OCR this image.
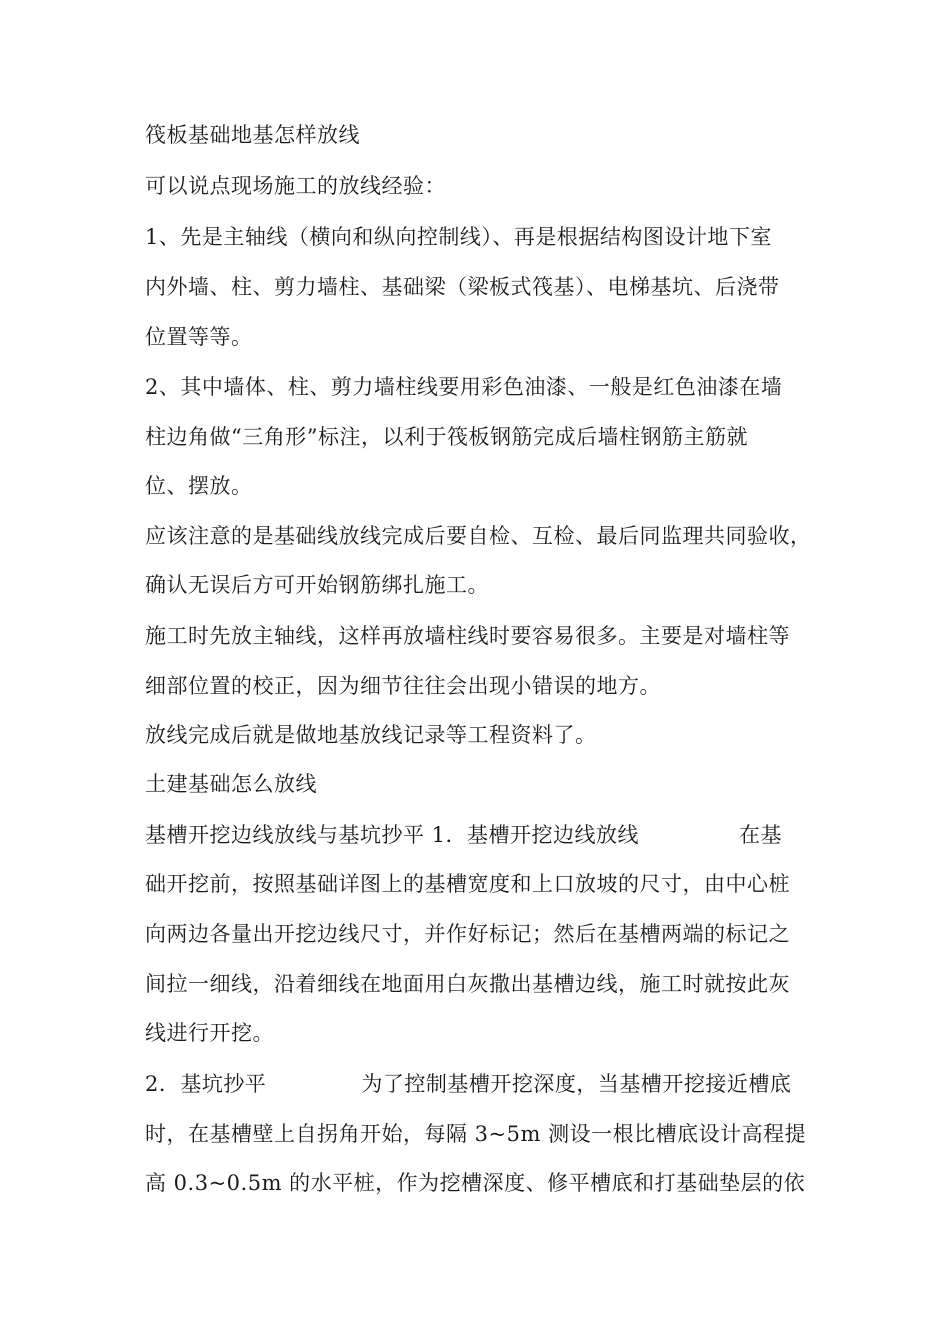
筏板基础地基怎样放线
可以说点现场施工的放线经验：
1、先是主轴线（横向和纵向控制线）、再是根据结构图设计地下室
内外墙、柱、剪力墙柱、基础梁（梁板式筏基）、电梯基坑、后浇带
位置等等。
2、其中墙体、柱、剪力墙柱线要用彩色油漆、一般是红色油漆在墙
柱边角做“三角形”标注，以利于筏板钢筋完成后墙柱钢筋主筋就
位、摆放。
应该注意的是基础线放线完成后要自检、互检、最后同监理共同验收，
确认无误后方可开始钢筋绑扎施工。
施工时先放主轴线，这样再放墙柱线时要容易很多。主要是对墙柱等
细部位置的校正，因为细节往往会出现小错误的地方。
放线完成后就是做地基放线记录等工程资料了。
土建基础怎么放线
基槽开挖边线放线与基坑抄平 1．基槽开挖边线放线	在基
础开挖前，按照基础详图上的基槽宽度和上口放坡的尺寸，由中心桩
向两边各量出开挖边线尺寸，并作好标记；然后在基槽两端的标记之
间拉一细线，沿着细线在地面用白灰撒出基槽边线，施工时就按此灰
线进行开挖。
2．基坑抄平	为了控制基槽开挖深度，当基槽开挖接近槽底
时，在基槽壁上自拐角开始，每隔 3~5m 测设一根比槽底设计高程提
高 0.3~0.5m 的水平桩，作为挖槽深度、修平槽底和打基础垫层的依
